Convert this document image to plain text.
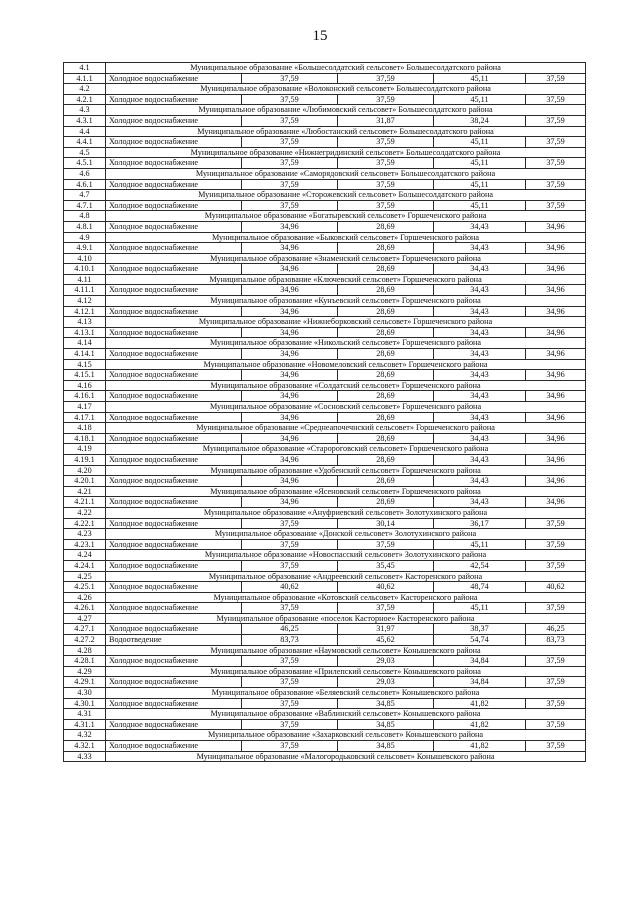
15
4.1	Муниципальное образование «Большесолдатский сельсовет» Большесолдатского района				
4.1.1	Холодное водоснабжение	37,59	37,59	45,11	37,59
4.2	Муниципальное образование «Волоконский сельсовет» Большесолдатского района				
4.2.1	Холодное водоснабжение	37,59	37,59	45,11	37,59
4.3	Муниципальное образование «Любимовский сельсовет» Большесолдатского района				
4.3.1	Холодное водоснабжение	37,59	31,87	38,24	37,59
4.4	Муниципальное образование «Любостанский сельсовет» Большесолдатского района				
4.4.1	Холодное водоснабжение	37,59	37,59	45,11	37,59
4.5	Муниципальное образование «Нижнегридинский сельсовет» Большесолдатского района				
4.5.1	Холодное водоснабжение	37,59	37,59	45,11	37,59
4.6	Муниципальное образование «Саморядовский сельсовет» Большесолдатского района				
4.6.1	Холодное водоснабжение	37,59	37,59	45,11	37,59
4.7	Муниципальное образование «Сторожевский сельсовет» Большесолдатского района				
4.7.1	Холодное водоснабжение	37,59	37,59	45,11	37,59
4.8	Муниципальное образование «Богатыревский сельсовет» Горшеченского района				
4.8.1	Холодное водоснабжение	34,96	28,69	34,43	34,96
4.9	Муниципальное образование «Быковский сельсовет» Горшеченского района				
4.9.1	Холодное водоснабжение	34,96	28,69	34,43	34,96
4.10	Муниципальное образование «Знаменский сельсовет» Горшеченского района				
4.10.1	Холодное водоснабжение	34,96	28,69	34,43	34,96
4.11	Муниципальное образование «Ключевский сельсовет» Горшеченского района				
4.11.1	Холодное водоснабжение	34,96	28,69	34,43	34,96
4.12	Муниципальное образование «Кунъевский сельсовет» Горшеченского района				
4.12.1	Холодное водоснабжение	34,96	28,69	34,43	34,96
4.13	Муниципальное образование «Нижнеборковский сельсовет» Горшеченского района				
4.13.1	Холодное водоснабжение	34,96	28,69	34,43	34,96
4.14	Муниципальное образование «Никольский сельсовет» Горшеченского района				
4.14.1	Холодное водоснабжение	34,96	28,69	34,43	34,96
4.15	Муниципальное образование «Новомеловский сельсовет» Горшеченского района				
4.15.1	Холодное водоснабжение	34,96	28,69	34,43	34,96
4.16	Муниципальное образование «Солдатский сельсовет» Горшеченского района				
4.16.1	Холодное водоснабжение	34,96	28,69	34,43	34,96
4.17	Муниципальное образование «Сосновский сельсовет» Горшеченского района				
4.17.1	Холодное водоснабжение	34,96	28,69	34,43	34,96
4.18	Муниципальное образование «Среднеапочечнский сельсовет» Горшеченского района				
4.18.1	Холодное водоснабжение	34,96	28,69	34,43	34,96
4.19	Муниципальное образование «Старороговский сельсовет» Горшеченского района				
4.19.1	Холодное водоснабжение	34,96	28,69	34,43	34,96
4.20	Муниципальное образование «Удобенский сельсовет» Горшеченского района				
4.20.1	Холодное водоснабжение	34,96	28,69	34,43	34,96
4.21	Муниципальное образование «Ясеновский сельсовет» Горшеченского района				
4.21.1	Холодное водоснабжение	34,96	28,69	34,43	34,96
4.22	Муниципальное образование «Ануфриевский сельсовет» Золотухинского района				
4.22.1	Холодное водоснабжение	37,59	30,14	36,17	37,59
4.23	Муниципальное образование «Донской сельсовет» Золотухинского района				
4.23.1	Холодное водоснабжение	37,59	37,59	45,11	37,59
4.24	Муниципальное образование «Новоспасский сельсовет» Золотухинского района				
4.24.1	Холодное водоснабжение	37,59	35,45	42,54	37,59
4.25	Муниципальное образование «Андреевский сельсовет» Касторенского района				
4.25.1	Холодное водоснабжение	40,62	40,62	48,74	40,62
4.26	Муниципальное образование «Котовский сельсовет» Касторенского района				
4.26.1	Холодное водоснабжение	37,59	37,59	45,11	37,59
4.27	Муниципальное образование «поселок Касторное» Касторенского района				
4.27.1	Холодное водоснабжение	46,25	31,97	38,37	46,25
4.27.2	Водоотведение	83,73	45,62	54,74	83,73
4.28	Муниципальное образование «Наумовский сельсовет» Конышевского района				
4.28.1	Холодное водоснабжение	37,59	29,03	34,84	37,59
4.29	Муниципальное образование «Прилепский сельсовет» Конышевского района				
4.29.1	Холодное водоснабжение	37,59	29,03	34,84	37,59
4.30	Муниципальное образование «Беляевский сельсовет» Конышевского района				
4.30.1	Холодное водоснабжение	37,59	34,85	41,82	37,59
4.31	Муниципальное образование «Ваблинский сельсовет» Конышевского района				
4.31.1	Холодное водоснабжение	37,59	34,85	41,82	37,59
4.32	Муниципальное образование «Захарковский сельсовет» Конышевского района				
4.32.1	Холодное водоснабжение	37,59	34,85	41,82	37,59
4.33	Муниципальное образование «Малогородьковский сельсовет» Конышевского района				
